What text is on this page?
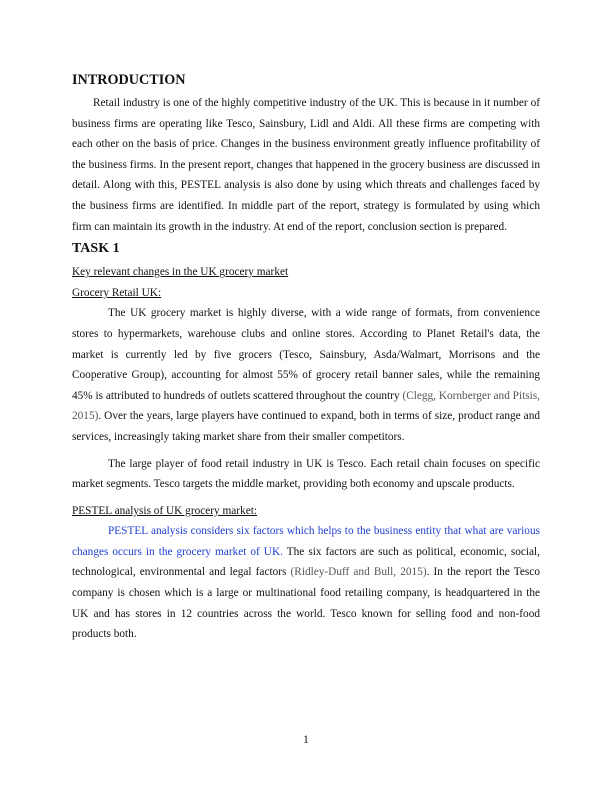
INTRODUCTION

Retail industry is one of the highly competitive industry of the UK. This is because in it number of business firms are operating like Tesco, Sainsbury, Lidl and Aldi. All these firms are competing with each other on the basis of price. Changes in the business environment greatly influence profitability of the business firms. In the present report, changes that happened in the grocery business are discussed in detail. Along with this, PESTEL analysis is also done by using which threats and challenges faced by the business firms are identified. In middle part of the report, strategy is formulated by using which firm can maintain its growth in the industry. At end of the report, conclusion section is prepared.

TASK 1
Key relevant changes in the UK grocery market
Grocery Retail UK:

The UK grocery market is highly diverse, with a wide range of formats, from convenience stores to hypermarkets, warehouse clubs and online stores. According to Planet Retail's data, the market is currently led by five grocers (Tesco, Sainsbury, Asda/Walmart, Morrisons and the Cooperative Group), accounting for almost 55% of grocery retail banner sales, while the remaining 45% is attributed to hundreds of outlets scattered throughout the country (Clegg, Kornberger and Pitsis, 2015). Over the years, large players have continued to expand, both in terms of size, product range and services, increasingly taking market share from their smaller competitors.

The large player of food retail industry in UK is Tesco. Each retail chain focuses on specific market segments. Tesco targets the middle market, providing both economy and upscale products.

PESTEL analysis of UK grocery market:

PESTEL analysis considers six factors which helps to the business entity that what are various changes occurs in the grocery market of UK. The six factors are such as political, economic, social, technological, environmental and legal factors (Ridley-Duff and Bull, 2015). In the report the Tesco company is chosen which is a large or multinational food retailing company, is headquartered in the UK and has stores in 12 countries across the world. Tesco known for selling food and non-food products both.

1
